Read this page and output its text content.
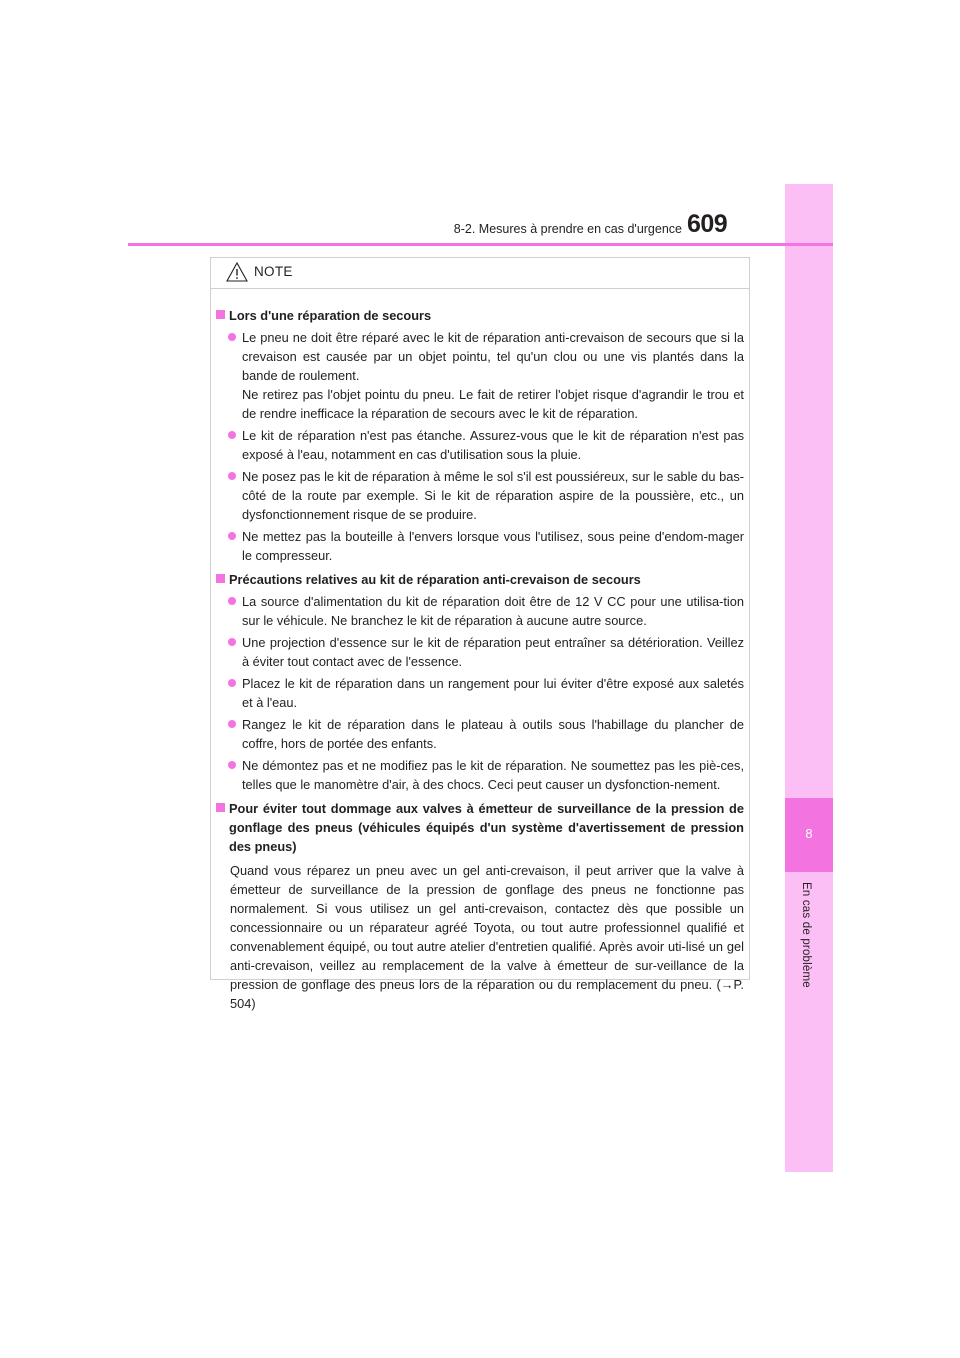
8
En cas de problème
8-2. Mesures à prendre en cas d'urgence 609
NOTE
Lors d'une réparation de secours
Le pneu ne doit être réparé avec le kit de réparation anti-crevaison de secours que si la crevaison est causée par un objet pointu, tel qu'un clou ou une vis plantés dans la bande de roulement.
Ne retirez pas l'objet pointu du pneu. Le fait de retirer l'objet risque d'agrandir le trou et de rendre inefficace la réparation de secours avec le kit de réparation.
Le kit de réparation n'est pas étanche. Assurez-vous que le kit de réparation n'est pas exposé à l'eau, notamment en cas d'utilisation sous la pluie.
Ne posez pas le kit de réparation à même le sol s'il est poussiéreux, sur le sable du bas-côté de la route par exemple. Si le kit de réparation aspire de la poussière, etc., un dysfonctionnement risque de se produire.
Ne mettez pas la bouteille à l'envers lorsque vous l'utilisez, sous peine d'endom-mager le compresseur.
Précautions relatives au kit de réparation anti-crevaison de secours
La source d'alimentation du kit de réparation doit être de 12 V CC pour une utilisa-tion sur le véhicule. Ne branchez le kit de réparation à aucune autre source.
Une projection d'essence sur le kit de réparation peut entraîner sa détérioration. Veillez à éviter tout contact avec de l'essence.
Placez le kit de réparation dans un rangement pour lui éviter d'être exposé aux saletés et à l'eau.
Rangez le kit de réparation dans le plateau à outils sous l'habillage du plancher de coffre, hors de portée des enfants.
Ne démontez pas et ne modifiez pas le kit de réparation. Ne soumettez pas les piè-ces, telles que le manomètre d'air, à des chocs. Ceci peut causer un dysfonction-nement.
Pour éviter tout dommage aux valves à émetteur de surveillance de la pression de gonflage des pneus (véhicules équipés d'un système d'avertissement de pression des pneus)
Quand vous réparez un pneu avec un gel anti-crevaison, il peut arriver que la valve à émetteur de surveillance de la pression de gonflage des pneus ne fonctionne pas normalement. Si vous utilisez un gel anti-crevaison, contactez dès que possible un concessionnaire ou un réparateur agréé Toyota, ou tout autre professionnel qualifié et convenablement équipé, ou tout autre atelier d'entretien qualifié. Après avoir uti-lisé un gel anti-crevaison, veillez au remplacement de la valve à émetteur de sur-veillance de la pression de gonflage des pneus lors de la réparation ou du remplacement du pneu. (→P. 504)
